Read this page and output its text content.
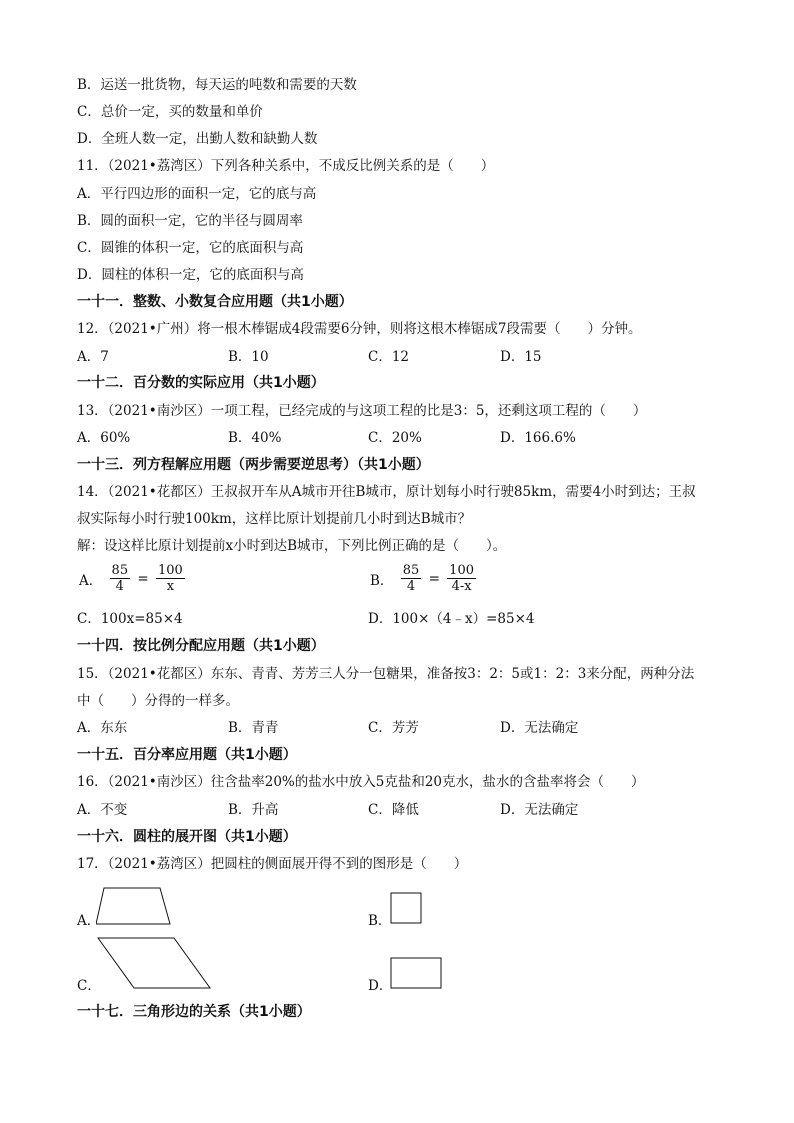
B．运送一批货物，每天运的吨数和需要的天数
C．总价一定，买的数量和单价
D．全班人数一定，出勤人数和缺勤人数
11．（2021•荔湾区）下列各种关系中，不成反比例关系的是（　　）
A．平行四边形的面积一定，它的底与高
B．圆的面积一定，它的半径与圆周率
C．圆锥的体积一定，它的底面积与高
D．圆柱的体积一定，它的底面积与高
一十一．整数、小数复合应用题（共1小题）
12．（2021•广州）将一根木棒锯成4段需要6分钟，则将这根木棒锯成7段需要（　　）分钟。
A．7	B．10	C．12	D．15
一十二．百分数的实际应用（共1小题）
13．（2021•南沙区）一项工程，已经完成的与这项工程的比是3：5，还剩这项工程的（　　）
A．60%	B．40%	C．20%	D．166.6%
一十三．列方程解应用题（两步需要逆思考）（共1小题）
14．（2021•花都区）王叔叔开车从A城市开往B城市，原计划每小时行驶85km，需要4小时到达；王叔
叔实际每小时行驶100km，这样比原计划提前几小时到达B城市？
解：设这样比原计划提前x小时到达B城市，下列比例正确的是（　　）。
A． $\frac{85}{4} = \frac{100}{x}$	B． $\frac{85}{4} = \frac{100}{4-x}$
C．100x=85×4	D．100×（4﹣x）=85×4
一十四．按比例分配应用题（共1小题）
15．（2021•花都区）东东、青青、芳芳三人分一包糖果，准备按3：2：5或1：2：3来分配，两种分法
中（　　）分得的一样多。
A．东东	B．青青	C．芳芳	D．无法确定
一十五．百分率应用题（共1小题）
16．（2021•南沙区）往含盐率20%的盐水中放入5克盐和20克水，盐水的含盐率将会（　　）
A．不变	B．升高	C．降低	D．无法确定
一十六．圆柱的展开图（共1小题）
17．（2021•荔湾区）把圆柱的侧面展开得不到的图形是（　　）
A．	B．
C．	D．
一十七．三角形边的关系（共1小题）
